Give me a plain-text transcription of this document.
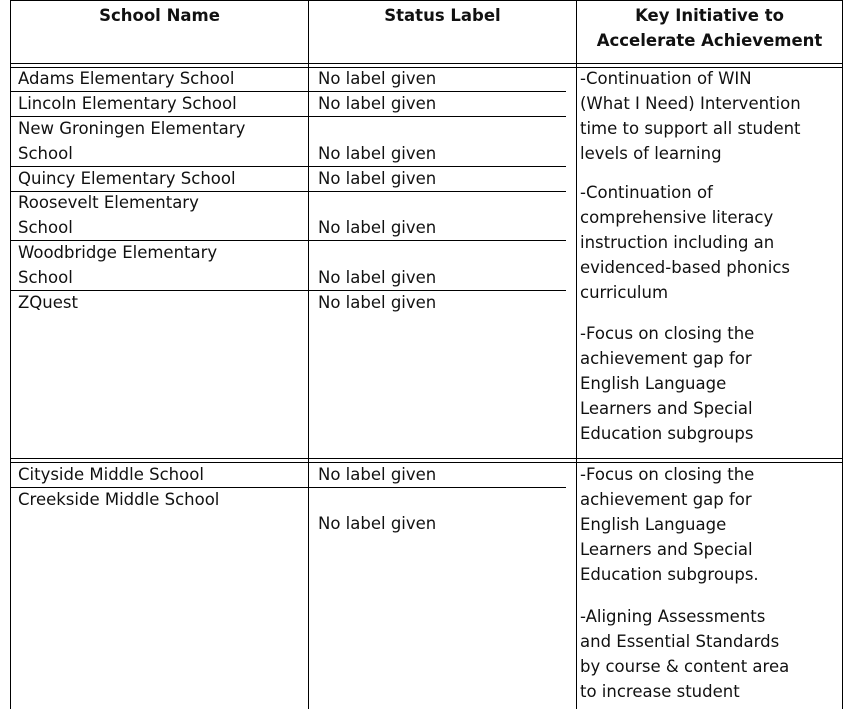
School Name	Status Label	Key Initiative to
Accelerate Achievement
Adams Elementary School
Lincoln Elementary School
New Groningen Elementary
School
Quincy Elementary School
Roosevelt Elementary
School
Woodbridge Elementary
School
ZQuest
No label given
No label given
No label given
No label given
No label given
No label given
No label given
-Continuation of WIN
(What I Need) Intervention
time to support all student
levels of learning
-Continuation of
comprehensive literacy
instruction including an
evidenced-based phonics
curriculum
-Focus on closing the
achievement gap for
English Language
Learners and Special
Education subgroups
Cityside Middle School
Creekside Middle School
No label given
No label given
-Focus on closing the
achievement gap for
English Language
Learners and Special
Education subgroups.
-Aligning Assessments
and Essential Standards
by course & content area
to increase student
